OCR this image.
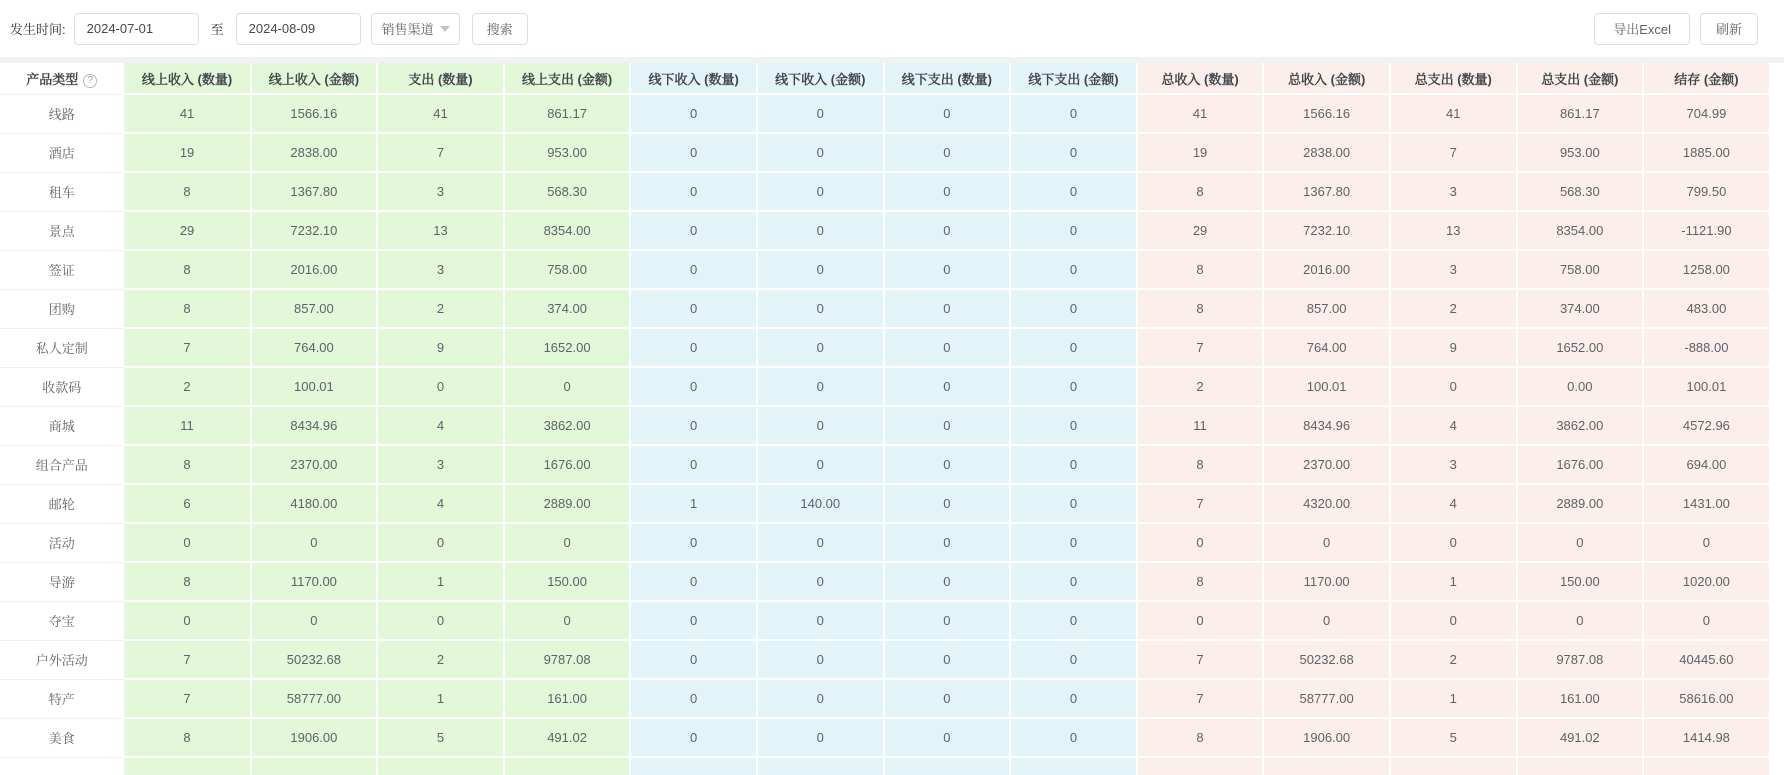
发生时间:
2024-07-01	至
2024-08-09	销售渠道	搜索	导出Excel	刷新
产品类型 ?	线上收入 (数量)	线上收入 (金额)	支出 (数量)	线上支出 (金额)	线下收入 (数量)	线下收入 (金额)	线下支出 (数量)	线下支出 (金额)	总收入 (数量)	总收入 (金额)	总支出 (数量)	总支出 (金额)	结存 (金额)
线路	41	1566.16	41	861.17	0	0	0	0	41	1566.16	41	861.17	704.99
酒店	19	2838.00	7	953.00	0	0	0	0	19	2838.00	7	953.00	1885.00
租车	8	1367.80	3	568.30	0	0	0	0	8	1367.80	3	568.30	799.50
景点	29	7232.10	13	8354.00	0	0	0	0	29	7232.10	13	8354.00	-1121.90
签证	8	2016.00	3	758.00	0	0	0	0	8	2016.00	3	758.00	1258.00
团购	8	857.00	2	374.00	0	0	0	0	8	857.00	2	374.00	483.00
私人定制	7	764.00	9	1652.00	0	0	0	0	7	764.00	9	1652.00	-888.00
收款码	2	100.01	0	0	0	0	0	0	2	100.01	0	0.00	100.01
商城	11	8434.96	4	3862.00	0	0	0	0	11	8434.96	4	3862.00	4572.96
组合产品	8	2370.00	3	1676.00	0	0	0	0	8	2370.00	3	1676.00	694.00
邮轮	6	4180.00	4	2889.00	1	140.00	0	0	7	4320.00	4	2889.00	1431.00
活动	0	0	0	0	0	0	0	0	0	0	0	0	0
导游	8	1170.00	1	150.00	0	0	0	0	8	1170.00	1	150.00	1020.00
夺宝	0	0	0	0	0	0	0	0	0	0	0	0	0
户外活动	7	50232.68	2	9787.08	0	0	0	0	7	50232.68	2	9787.08	40445.60
特产	7	58777.00	1	161.00	0	0	0	0	7	58777.00	1	161.00	58616.00
美食	8	1906.00	5	491.02	0	0	0	0	8	1906.00	5	491.02	1414.98
